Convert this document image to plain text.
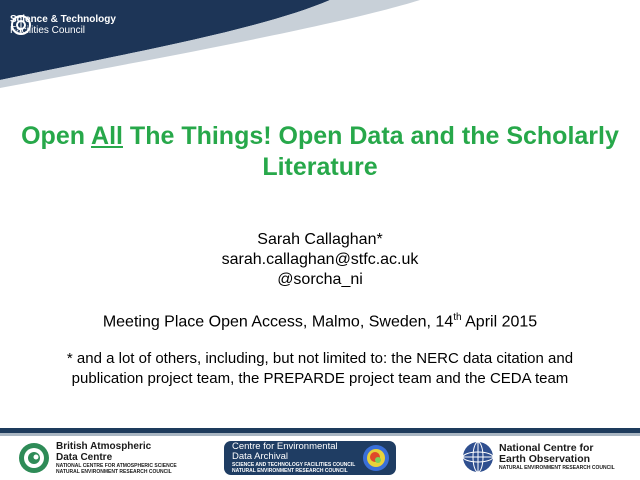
Science & Technology
Facilities Council
Open All The Things! Open Data and the Scholarly Literature
Sarah Callaghan*
sarah.callaghan@stfc.ac.uk
@sorcha_ni
Meeting Place Open Access, Malmo, Sweden, 14th April 2015
* and a lot of others, including, but not limited to: the NERC data citation and publication project team, the PREPARDE project team and the CEDA team
British Atmospheric
Data Centre
NATIONAL CENTRE FOR ATMOSPHERIC SCIENCE
NATURAL ENVIRONMENT RESEARCH COUNCIL
Centre for Environmental
Data Archival
SCIENCE AND TECHNOLOGY FACILITIES COUNCIL
NATURAL ENVIRONMENT RESEARCH COUNCIL
National Centre for
Earth Observation
NATURAL ENVIRONMENT RESEARCH COUNCIL
